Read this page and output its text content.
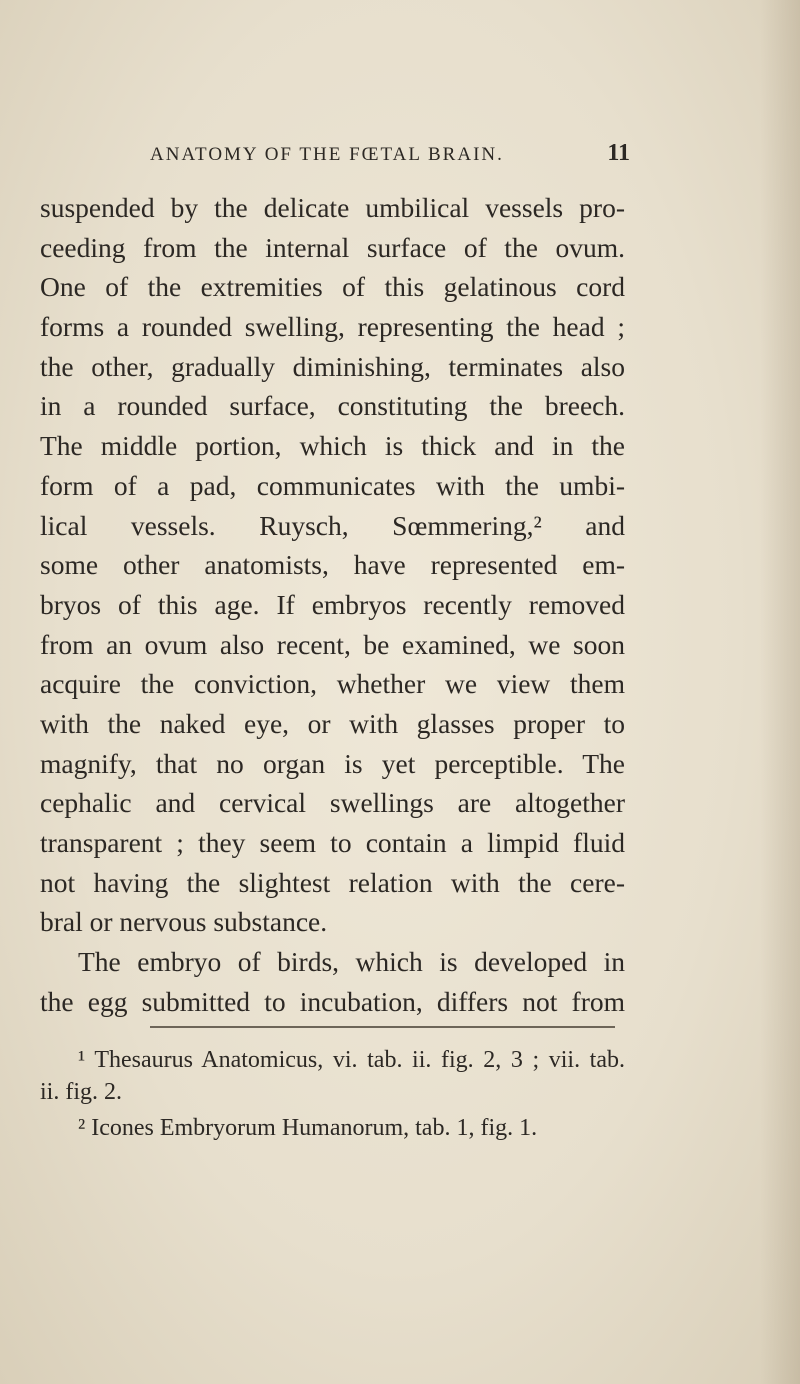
ANATOMY OF THE FŒTAL BRAIN.	11
suspended by the delicate umbilical vessels pro-
ceeding from the internal surface of the ovum.
One of the extremities of this gelatinous cord
forms a rounded swelling, representing the head ;
the other, gradually diminishing, terminates also
in a rounded surface, constituting the breech.
The middle portion, which is thick and in the
form of a pad, communicates with the umbi-
lical vessels. Ruysch, Sœmmering,² and
some other anatomists, have represented em-
bryos of this age. If embryos recently removed
from an ovum also recent, be examined, we soon
acquire the conviction, whether we view them
with the naked eye, or with glasses proper to
magnify, that no organ is yet perceptible. The
cephalic and cervical swellings are altogether
transparent ; they seem to contain a limpid fluid
not having the slightest relation with the cere-
bral or nervous substance.
The embryo of birds, which is developed in
the egg submitted to incubation, differs not from
¹ Thesaurus Anatomicus, vi. tab. ii. fig. 2, 3 ; vii. tab.
ii. fig. 2.
² Icones Embryorum Humanorum, tab. 1, fig. 1.
